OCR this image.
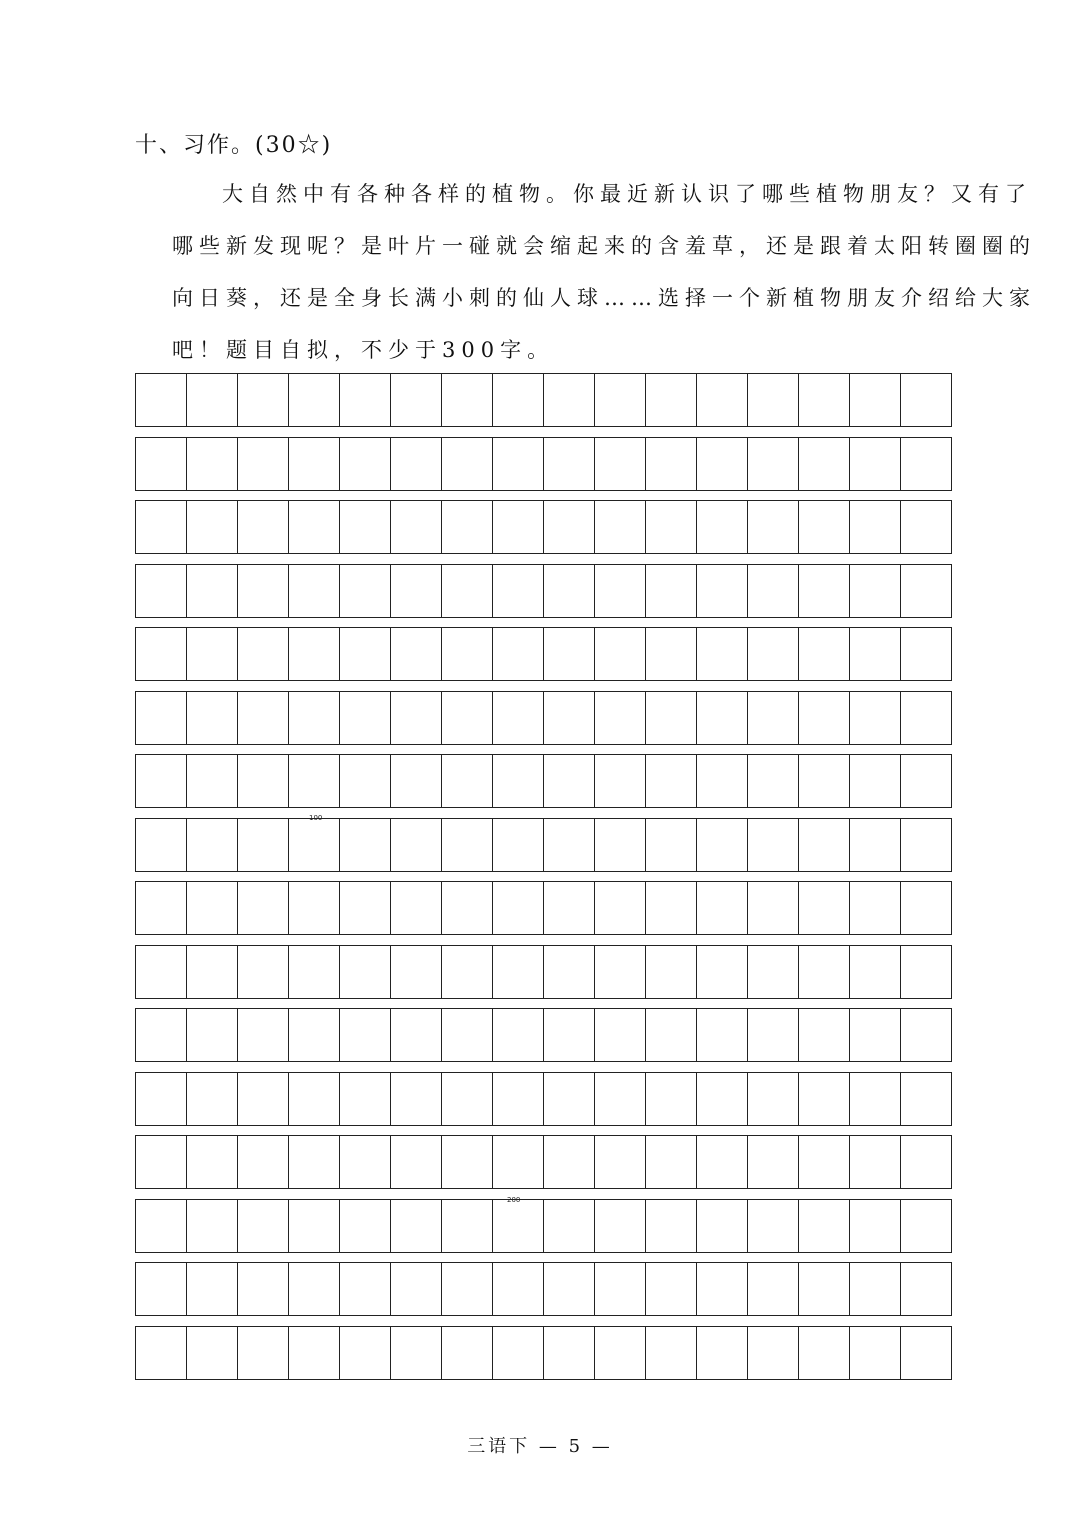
十、习作。(30☆)
大自然中有各种各样的植物。你最近新认识了哪些植物朋友？又有了
哪些新发现呢？是叶片一碰就会缩起来的含羞草，还是跟着太阳转圈圈的
向日葵，还是全身长满小刺的仙人球……选择一个新植物朋友介绍给大家
吧！题目自拟，不少于300字。
100
200
三语下 — 5 —
